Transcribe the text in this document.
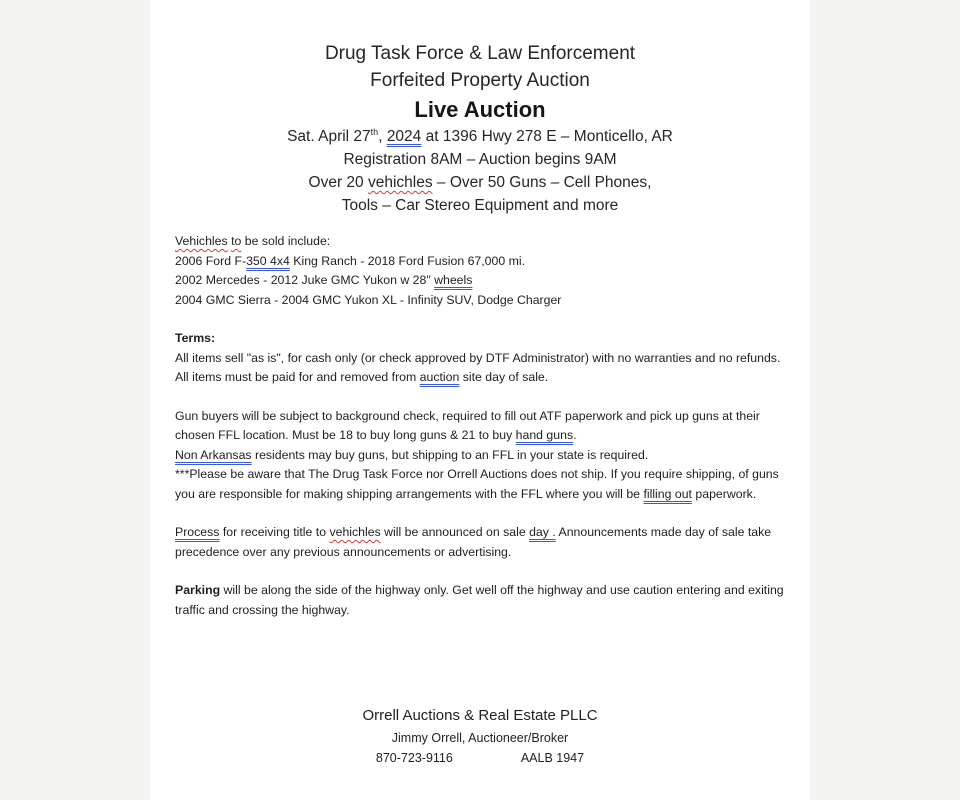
Drug Task Force & Law Enforcement
Forfeited Property Auction
Live Auction
Sat. April 27th, 2024 at 1396 Hwy 278 E – Monticello, AR
Registration 8AM – Auction begins 9AM
Over 20 vehichles – Over 50 Guns – Cell Phones,
Tools – Car Stereo Equipment and more
Vehichles to be sold include:
2006 Ford F-350 4x4 King Ranch - 2018 Ford Fusion 67,000 mi.
2002 Mercedes - 2012 Juke GMC Yukon w 28" wheels
2004 GMC Sierra - 2004 GMC Yukon XL - Infinity SUV, Dodge Charger
Terms:
All items sell "as is", for cash only (or check approved by DTF Administrator) with no warranties and no refunds. All items must be paid for and removed from auction site day of sale.
Gun buyers will be subject to background check, required to fill out ATF paperwork and pick up guns at their chosen FFL location. Must be 18 to buy long guns & 21 to buy hand guns.
Non Arkansas residents may buy guns, but shipping to an FFL in your state is required.
***Please be aware that The Drug Task Force nor Orrell Auctions does not ship. If you require shipping, of guns you are responsible for making shipping arrangements with the FFL where you will be filling out paperwork.
Process for receiving title to vehichles will be announced on sale day . Announcements made day of sale take precedence over any previous announcements or advertising.
Parking will be along the side of the highway only. Get well off the highway and use caution entering and exiting traffic and crossing the highway.
Orrell Auctions & Real Estate PLLC
Jimmy Orrell, Auctioneer/Broker
870-723-9116	AALB 1947
